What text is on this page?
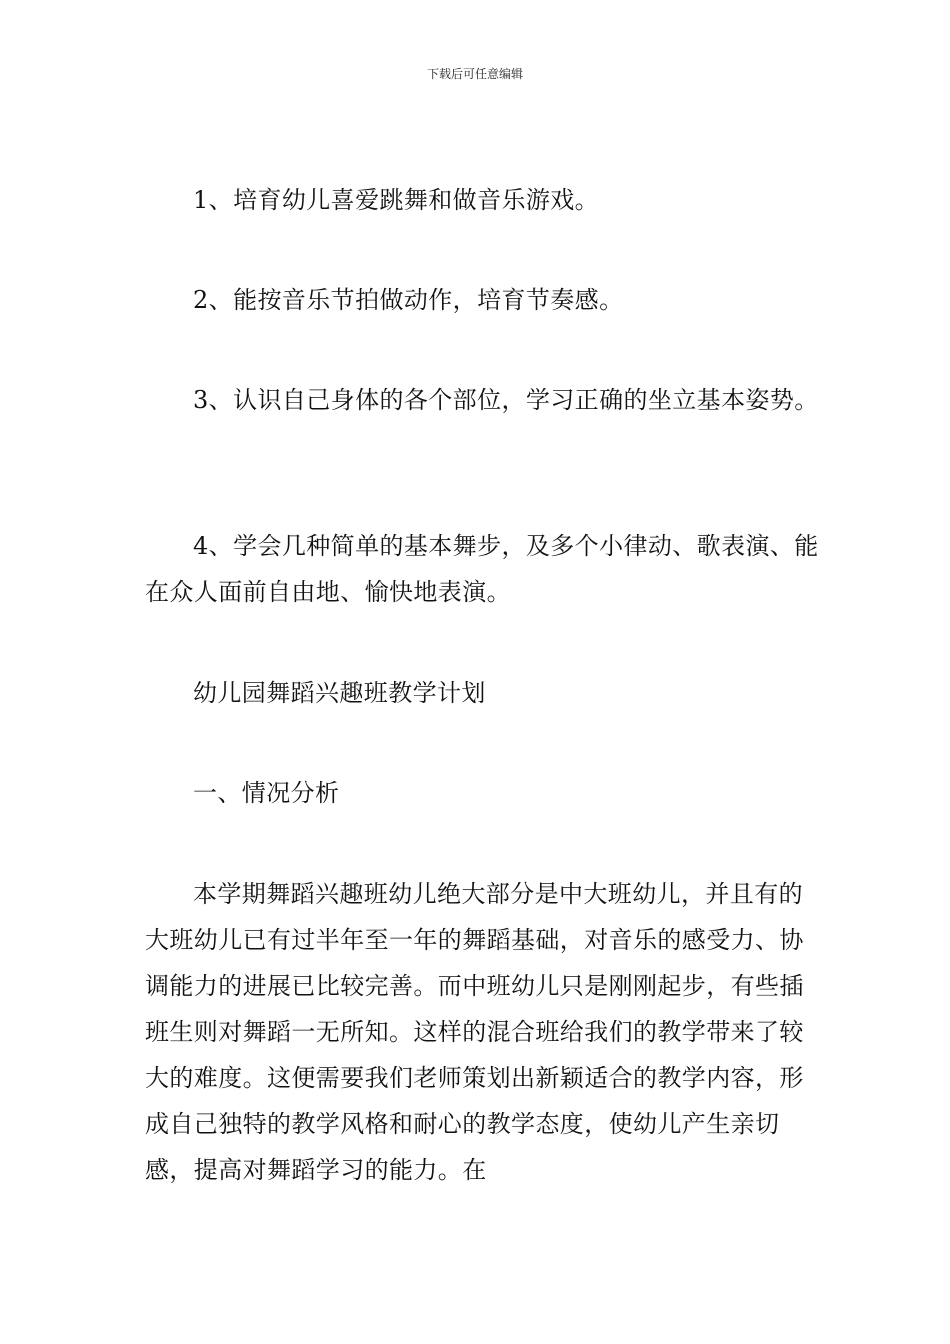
下载后可任意编辑

1、培育幼儿喜爱跳舞和做音乐游戏。

2、能按音乐节拍做动作，培育节奏感。

3、认识自己身体的各个部位，学习正确的坐立基本姿势。

4、学会几种简单的基本舞步，及多个小律动、歌表演、能在众人面前自由地、愉快地表演。

幼儿园舞蹈兴趣班教学计划

一、情况分析

本学期舞蹈兴趣班幼儿绝大部分是中大班幼儿，并且有的大班幼儿已有过半年至一年的舞蹈基础，对音乐的感受力、协调能力的进展已比较完善。而中班幼儿只是刚刚起步，有些插班生则对舞蹈一无所知。这样的混合班给我们的教学带来了较大的难度。这便需要我们老师策划出新颖适合的教学内容，形成自己独特的教学风格和耐心的教学态度，使幼儿产生亲切感，提高对舞蹈学习的能力。在
